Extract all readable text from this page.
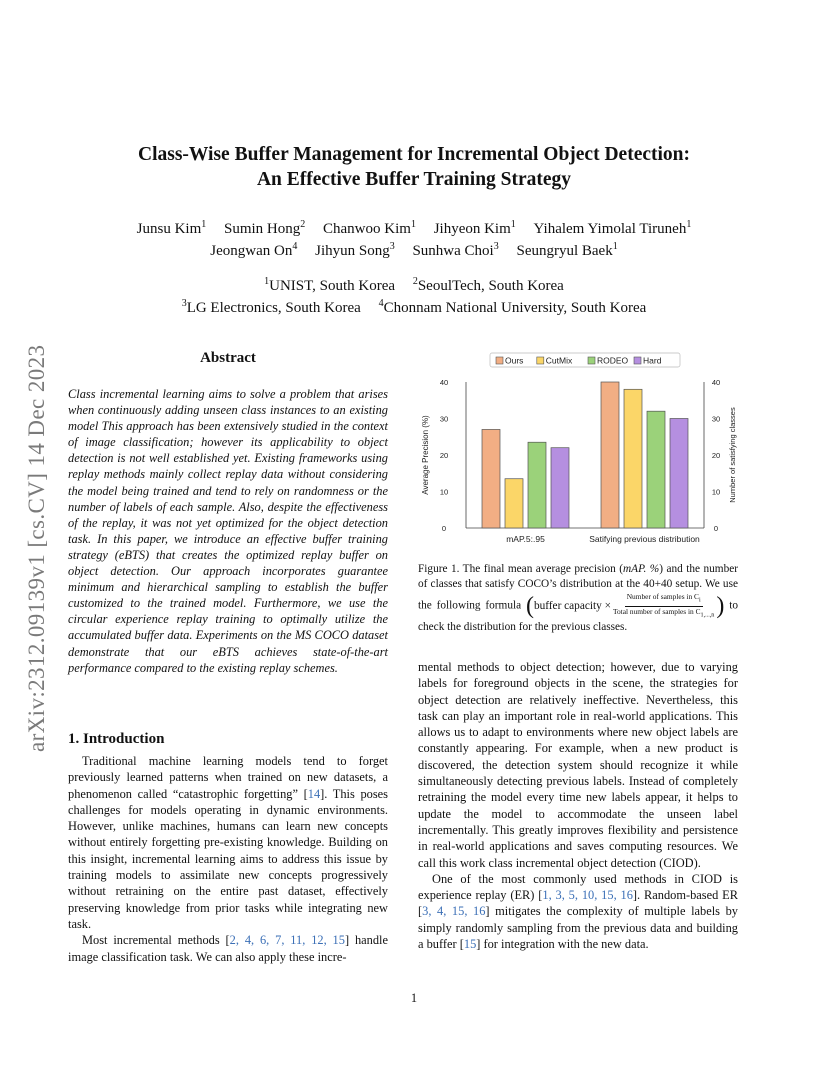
arXiv:2312.09139v1 [cs.CV] 14 Dec 2023
Class-Wise Buffer Management for Incremental Object Detection:
An Effective Buffer Training Strategy
Junsu Kim$^1$ Sumin Hong$^2$ Chanwoo Kim$^1$ Jihyeon Kim$^1$ Yihalem Yimolal Tiruneh$^1$
Jeongwan On$^4$ Jihyun Song$^3$ Sunhwa Choi$^3$ Seungryul Baek$^1$
$^1$UNIST, South Korea $^2$SeoulTech, South Korea
$^3$LG Electronics, South Korea $^4$Chonnam National University, South Korea
Abstract
Class incremental learning aims to solve a problem that arises when continuously adding unseen class instances to an existing model This approach has been extensively studied in the context of image classification; however its applicability to object detection is not well established yet. Existing frameworks using replay methods mainly collect replay data without considering the model being trained and tend to rely on randomness or the number of labels of each sample. Also, despite the effectiveness of the replay, it was not yet optimized for the object detection task. In this paper, we introduce an effective buffer training strategy (eBTS) that creates the optimized replay buffer on object detection. Our approach incorporates guarantee minimum and hierarchical sampling to establish the buffer customized to the trained model. Furthermore, we use the circular experience replay training to optimally utilize the accumulated buffer data. Experiments on the MS COCO dataset demonstrate that our eBTS achieves state-of-the-art performance compared to the existing replay schemes.
1. Introduction

Traditional machine learning models tend to forget previously learned patterns when trained on new datasets, a phenomenon called “catastrophic forgetting” [14]. This poses challenges for models operating in dynamic environments. However, unlike machines, humans can learn new concepts without entirely forgetting pre-existing knowledge. Building on this insight, incremental learning aims to address this issue by training models to assimilate new concepts progressively without retraining on the entire past dataset, effectively preserving knowledge from prior tasks while integrating new task.

Most incremental methods [2, 4, 6, 7, 11, 12, 15] handle image classification task. We can also apply these incre-

0	0
10	10
20	20
30	30
40	40
Average Precision (%)	Number of satisfying classes
mAP.5:.95	Satifying previous distribution
Ours	CutMix	RODEO Hard
Figure 1. The final mean average precision (mAP. %) and the number of classes that satisfy COCO’s distribution at the 40+40 setup. We use the following formula ( buffer capacity × $\frac{Number of samples in C_i}{Total number of samples in C_{1,...,n}}$ ) to check the distribution for the previous classes.

mental methods to object detection; however, due to varying labels for foreground objects in the scene, the strategies for object detection are relatively ineffective. Nevertheless, this task can play an important role in real-world applications. This allows us to adapt to environments where new object labels are constantly appearing. For example, when a new product is discovered, the detection system should recognize it while simultaneously detecting previous labels. Instead of completely retraining the model every time new labels appear, it helps to update the model to accommodate the unseen label incrementally. This greatly improves flexibility and persistence in real-world applications and saves computing resources. We call this work class incremental object detection (CIOD).

One of the most commonly used methods in CIOD is experience replay (ER) [1, 3, 5, 10, 15, 16]. Random-based ER [3, 4, 15, 16] mitigates the complexity of multiple labels by simply randomly sampling from the previous data and building a buffer [15] for integration with the new data.

1
